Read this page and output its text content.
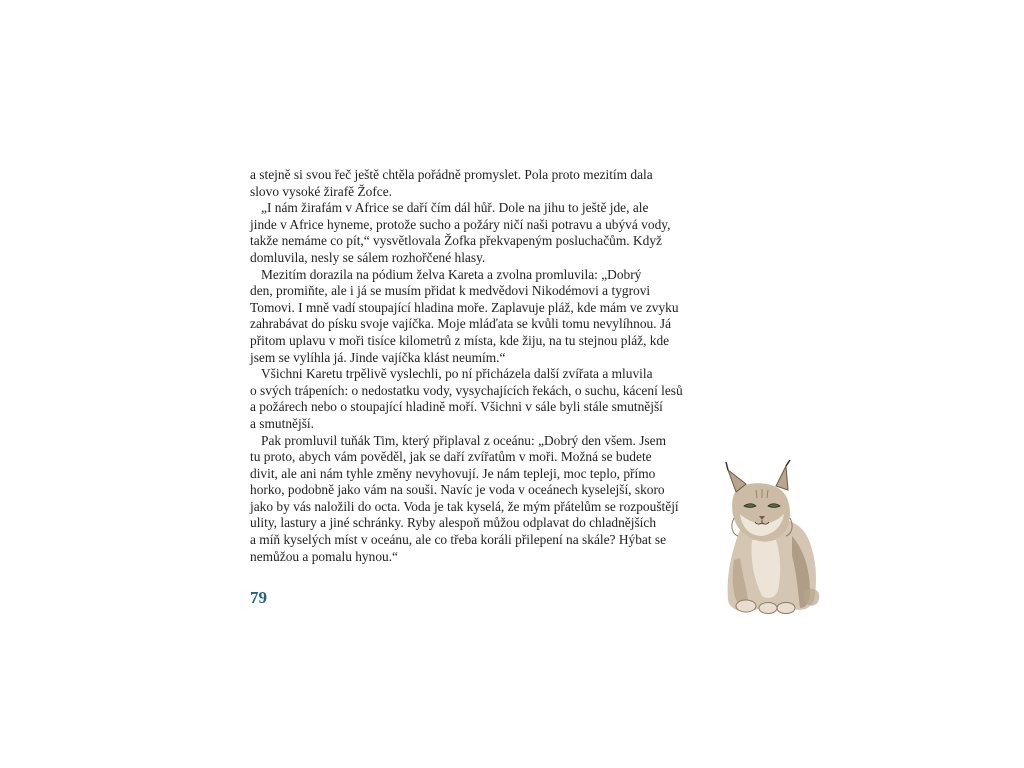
a stejně si svou řeč ještě chtěla pořádně promyslet. Pola proto mezitím dala
slovo vysoké žirafě Žofce.

„I nám žirafám v Africe se daří čím dál hůř. Dole na jihu to ještě jde, ale
jinde v Africe hyneme, protože sucho a požáry ničí naši potravu a ubývá vody,
takže nemáme co pít,“ vysvětlovala Žofka překvapeným posluchačům. Když
domluvila, nesly se sálem rozhořčené hlasy.

Mezitím dorazila na pódium želva Kareta a zvolna promluvila: „Dobrý
den, promiňte, ale i já se musím přidat k medvědovi Nikodémovi a tygrovi
Tomovi. I mně vadí stoupající hladina moře. Zaplavuje pláž, kde mám ve zvyku
zahrabávat do písku svoje vajíčka. Moje mláďata se kvůli tomu nevylíhnou. Já
přitom uplavu v moři tisíce kilometrů z místa, kde žiju, na tu stejnou pláž, kde
jsem se vylíhla já. Jinde vajíčka klást neumím.“

Všichni Karetu trpělivě vyslechli, po ní přicházela další zvířata a mluvila
o svých trápeních: o nedostatku vody, vysychajících řekách, o suchu, kácení lesů
a požárech nebo o stoupající hladině moří. Všichni v sále byli stále smutnější
a smutnější.

Pak promluvil tuňák Tim, který připlaval z oceánu: „Dobrý den všem. Jsem
tu proto, abych vám pověděl, jak se daří zvířatům v moři. Možná se budete
divit, ale ani nám tyhle změny nevyhovují. Je nám tepleji, moc teplo, přímo
horko, podobně jako vám na souši. Navíc je voda v oceánech kyselejší, skoro
jako by vás naložili do octa. Voda je tak kyselá, že mým přátelům se rozpouštějí
ulity, lastury a jiné schránky. Ryby alespoň můžou odplavat do chladnějších
a míň kyselých míst v oceánu, ale co třeba koráli přilepení na skále? Hýbat se
nemůžou a pomalu hynou.“

79
